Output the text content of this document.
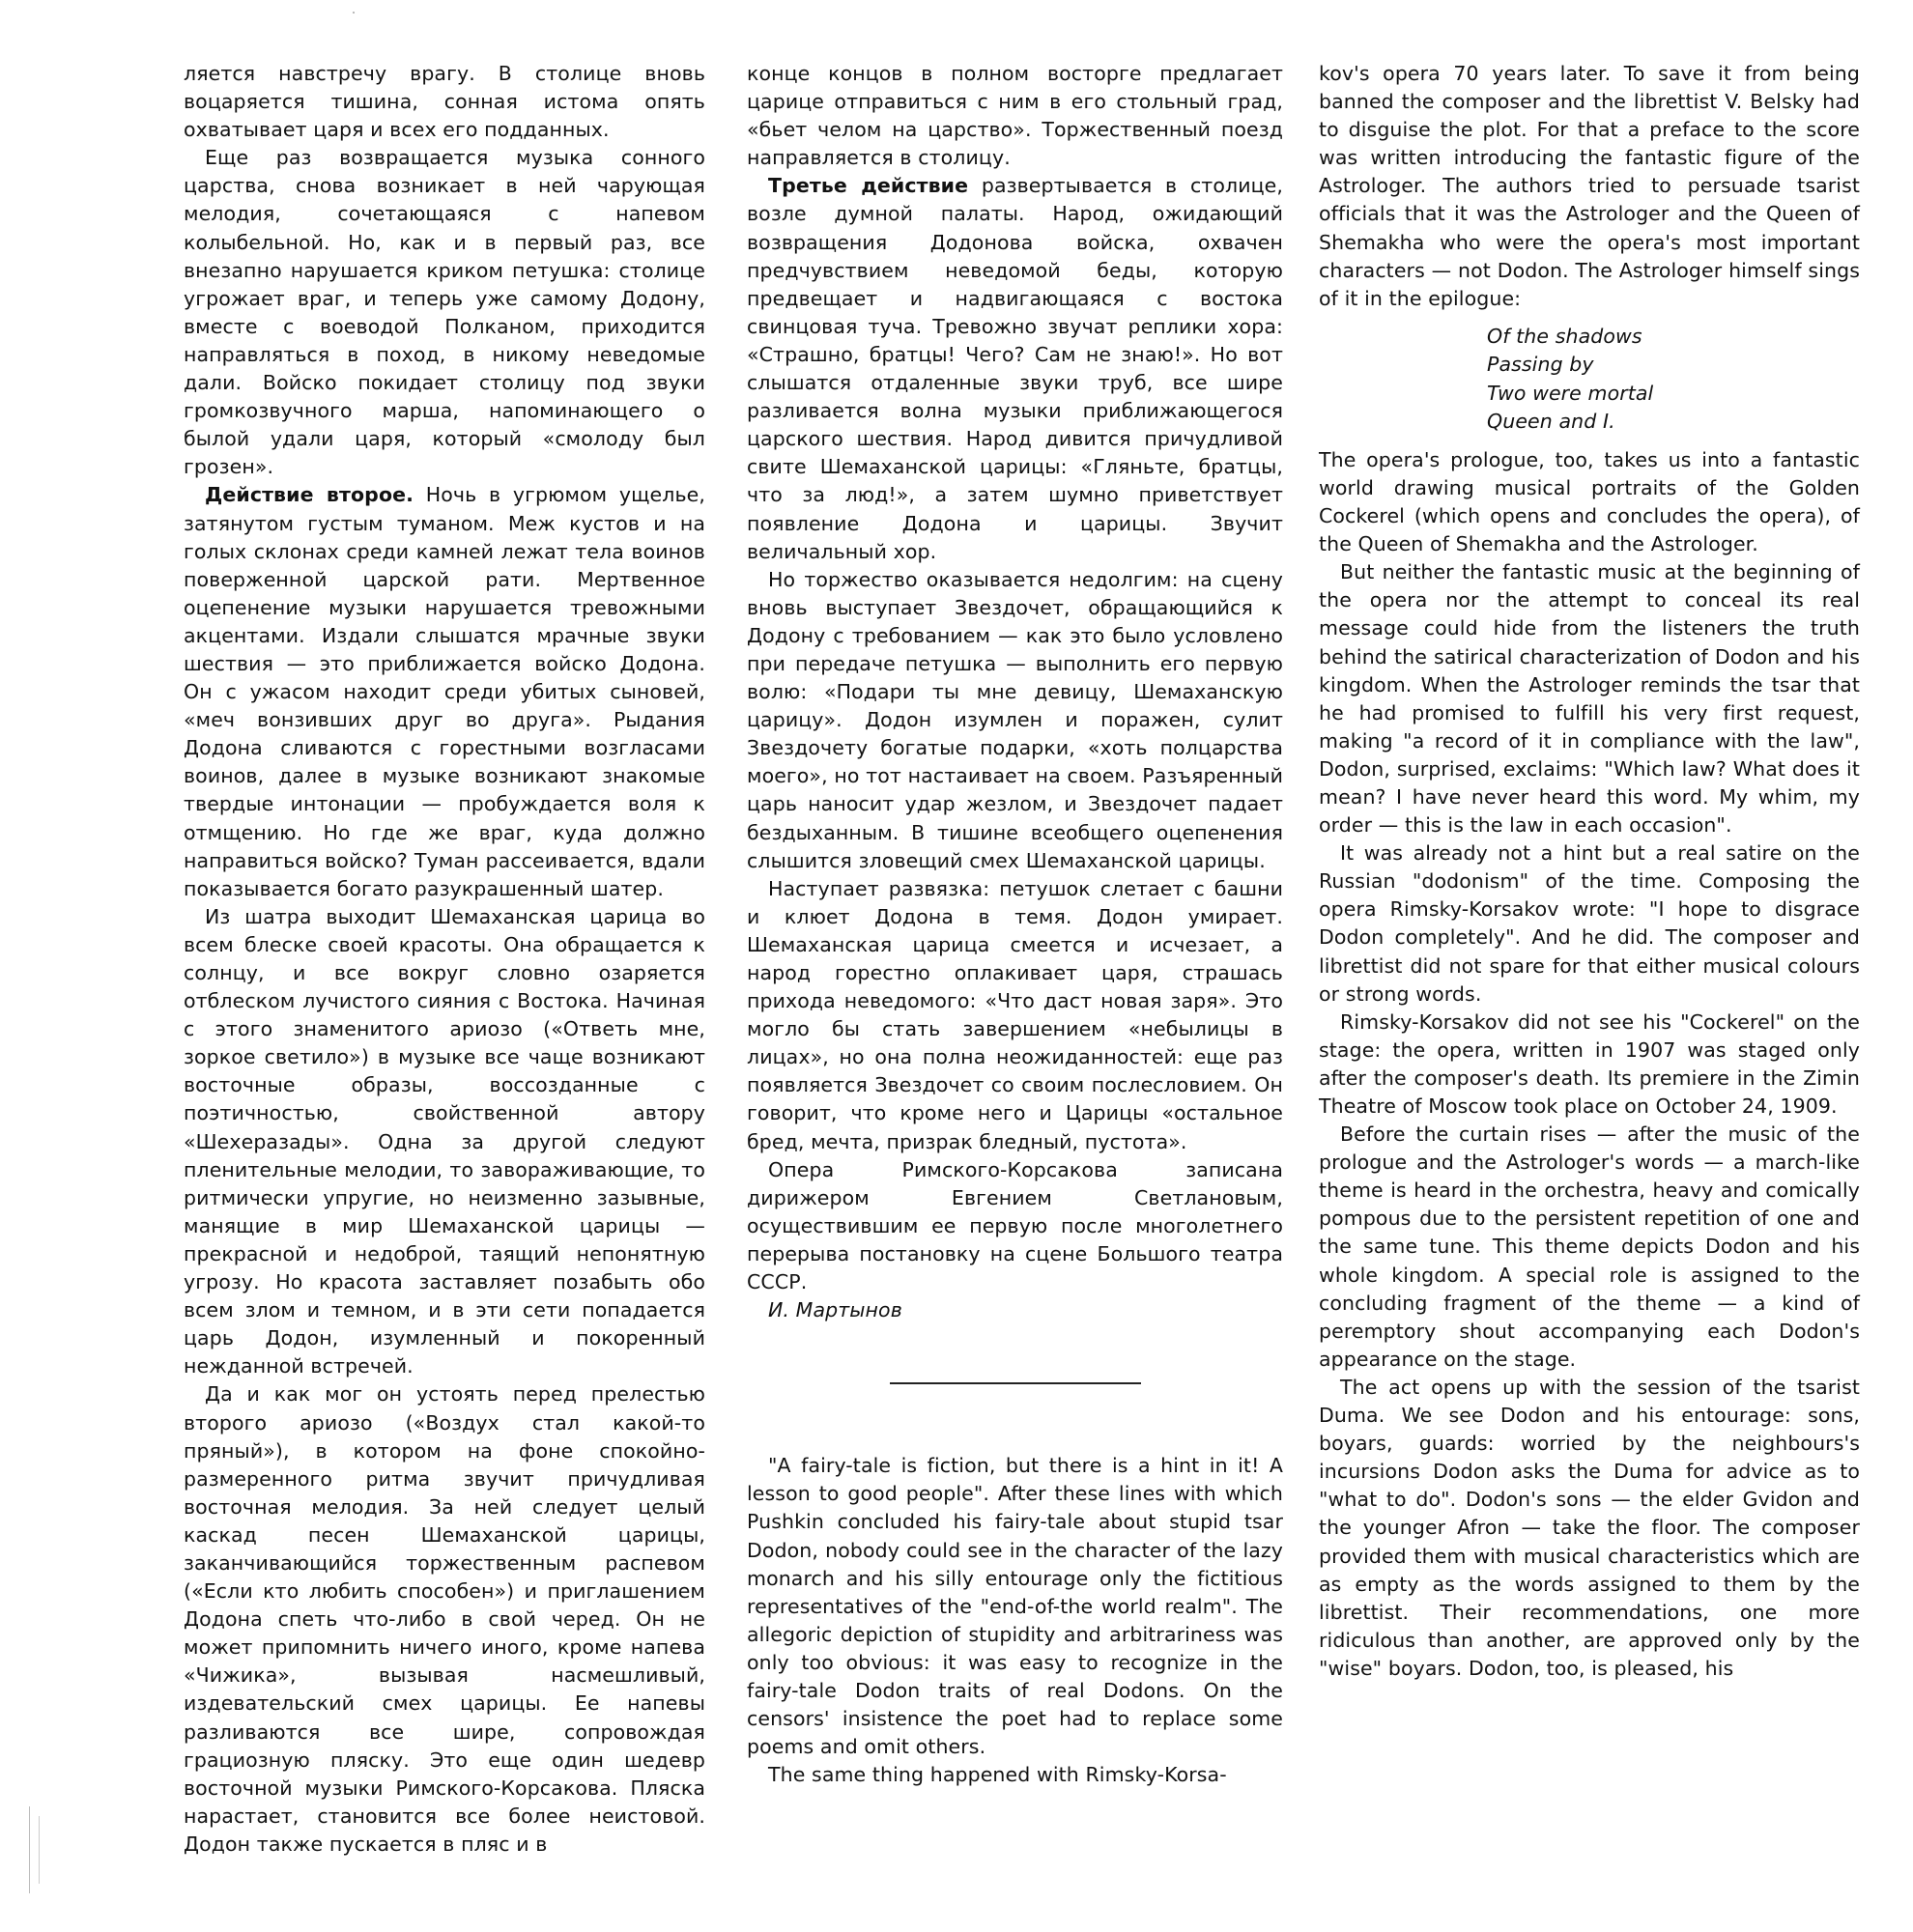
ляется навстречу врагу. В столице вновь воцаряется тишина, сонная истома опять охватывает царя и всех его подданных.

Еще раз возвращается музыка сонного царства, снова возникает в ней чарующая мелодия, сочетающаяся с напевом колыбельной. Но, как и в первый раз, все внезапно нарушается криком петушка: столице угрожает враг, и теперь уже самому Додону, вместе с воеводой Полканом, приходится направляться в поход, в никому неведомые дали. Войско покидает столицу под звуки громкозвучного марша, напоминающего о былой удали царя, который «смолоду был грозен».

Действие второе. Ночь в угрюмом ущелье, затянутом густым туманом. Меж кустов и на голых склонах среди камней лежат тела воинов поверженной царской рати. Мертвенное оцепенение музыки нарушается тревожными акцентами. Издали слышатся мрачные звуки шествия — это приближается войско Додона. Он с ужасом находит среди убитых сыновей, «меч вонзивших друг во друга». Рыдания Додона сливаются с горестными возгласами воинов, далее в музыке возникают знакомые твердые интонации — пробуждается воля к отмщению. Но где же враг, куда должно направиться войско? Туман рассеивается, вдали показывается богато разукрашенный шатер.

Из шатра выходит Шемаханская царица во всем блеске своей красоты. Она обращается к солнцу, и все вокруг словно озаряется отблеском лучистого сияния с Востока. Начиная с этого знаменитого ариозо («Ответь мне, зоркое светило») в музыке все чаще возникают восточные образы, воссозданные с поэтичностью, свойственной автору «Шехеразады». Одна за другой следуют пленительные мелодии, то завораживающие, то ритмически упругие, но неизменно зазывные, манящие в мир Шемаханской царицы — прекрасной и недоброй, таящий непонятную угрозу. Но красота заставляет позабыть обо всем злом и темном, и в эти сети попадается царь Додон, изумленный и покоренный нежданной встречей.

Да и как мог он устоять перед прелестью второго ариозо («Воздух стал какой-то пряный»), в котором на фоне спокойно-размеренного ритма звучит причудливая восточная мелодия. За ней следует целый каскад песен Шемаханской царицы, заканчивающийся торжественным распевом («Если кто любить способен») и приглашением Додона спеть что-либо в свой черед. Он не может припомнить ничего иного, кроме напева «Чижика», вызывая насмешливый, издевательский смех царицы. Ее напевы разливаются все шире, сопровождая грациозную пляску. Это еще один шедевр восточной музыки Римского-Корсакова. Пляска нарастает, становится все более неистовой. Додон также пускается в пляс и в

конце концов в полном восторге предлагает царице отправиться с ним в его стольный град, «бьет челом на царство». Торжественный поезд направляется в столицу.

Третье действие развертывается в столице, возле думной палаты. Народ, ожидающий возвращения Додонова войска, охвачен предчувствием неведомой беды, которую предвещает и надвигающаяся с востока свинцовая туча. Тревожно звучат реплики хора: «Страшно, братцы! Чего? Сам не знаю!». Но вот слышатся отдаленные звуки труб, все шире разливается волна музыки приближающегося царского шествия. Народ дивится причудливой свите Шемаханской царицы: «Гляньте, братцы, что за люд!», а затем шумно приветствует появление Додона и царицы. Звучит величальный хор.

Но торжество оказывается недолгим: на сцену вновь выступает Звездочет, обращающийся к Додону с требованием — как это было условлено при передаче петушка — выполнить его первую волю: «Подари ты мне девицу, Шемаханскую царицу». Додон изумлен и поражен, сулит Звездочету богатые подарки, «хоть полцарства моего», но тот настаивает на своем. Разъяренный царь наносит удар жезлом, и Звездочет падает бездыханным. В тишине всеобщего оцепенения слышится зловещий смех Шемаханской царицы.

Наступает развязка: петушок слетает с башни и клюет Додона в темя. Додон умирает. Шемаханская царица смеется и исчезает, а народ горестно оплакивает царя, страшась прихода неведомого: «Что даст новая заря». Это могло бы стать завершением «небылицы в лицах», но она полна неожиданностей: еще раз появляется Звездочет со своим послесловием. Он говорит, что кроме него и Царицы «остальное бред, мечта, призрак бледный, пустота».

Опера Римского-Корсакова записана дирижером Евгением Светлановым, осуществившим ее первую после многолетнего перерыва постановку на сцене Большого театра СССР.

И. Мартынов

"A fairy-tale is fiction, but there is a hint in it! A lesson to good people". After these lines with which Pushkin concluded his fairy-tale about stupid tsar Dodon, nobody could see in the character of the lazy monarch and his silly entourage only the fictitious representatives of the "end-of-the world realm". The allegoric depiction of stupidity and arbitrariness was only too obvious: it was easy to recognize in the fairy-tale Dodon traits of real Dodons. On the censors' insistence the poet had to replace some poems and omit others.

The same thing happened with Rimsky-Korsa-

kov's opera 70 years later. To save it from being banned the composer and the librettist V. Belsky had to disguise the plot. For that a preface to the score was written introducing the fantastic figure of the Astrologer. The authors tried to persuade tsarist officials that it was the Astrologer and the Queen of Shemakha who were the opera's most important characters — not Dodon. The Astrologer himself sings of it in the epilogue:

Of the shadows
Passing by
Two were mortal
Queen and I.

The opera's prologue, too, takes us into a fantastic world drawing musical portraits of the Golden Cockerel (which opens and concludes the opera), of the Queen of Shemakha and the Astrologer.

But neither the fantastic music at the beginning of the opera nor the attempt to conceal its real message could hide from the listeners the truth behind the satirical characterization of Dodon and his kingdom. When the Astrologer reminds the tsar that he had promised to fulfill his very first request, making "a record of it in compliance with the law", Dodon, surprised, exclaims: "Which law? What does it mean? I have never heard this word. My whim, my order — this is the law in each occasion".

It was already not a hint but a real satire on the Russian "dodonism" of the time. Composing the opera Rimsky-Korsakov wrote: "I hope to disgrace Dodon completely". And he did. The composer and librettist did not spare for that either musical colours or strong words.

Rimsky-Korsakov did not see his "Cockerel" on the stage: the opera, written in 1907 was staged only after the composer's death. Its premiere in the Zimin Theatre of Moscow took place on October 24, 1909.

Before the curtain rises — after the music of the prologue and the Astrologer's words — a march-like theme is heard in the orchestra, heavy and comically pompous due to the persistent repetition of one and the same tune. This theme depicts Dodon and his whole kingdom. A special role is assigned to the concluding fragment of the theme — a kind of peremptory shout accompanying each Dodon's appearance on the stage.

The act opens up with the session of the tsarist Duma. We see Dodon and his entourage: sons, boyars, guards: worried by the neighbours's incursions Dodon asks the Duma for advice as to "what to do". Dodon's sons — the elder Gvidon and the younger Afron — take the floor. The composer provided them with musical characteristics which are as empty as the words assigned to them by the librettist. Their recommendations, one more ridiculous than another, are approved only by the "wise" boyars. Dodon, too, is pleased, his
